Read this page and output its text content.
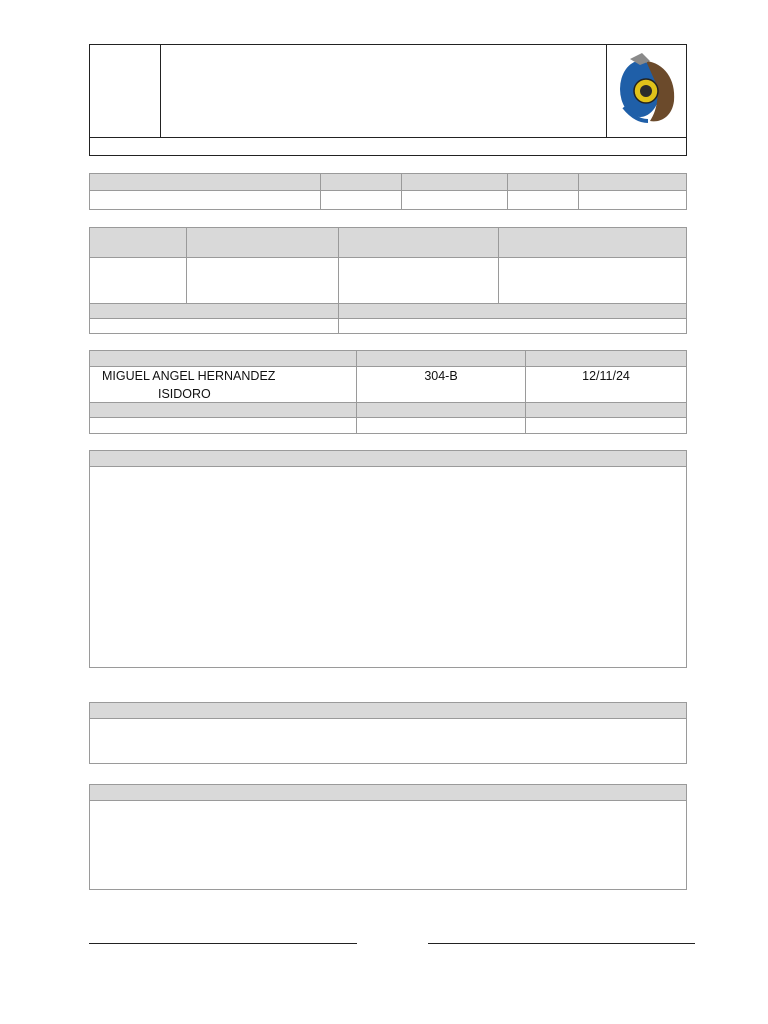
MIGUEL ANGEL HERNANDEZ
ISIDORO
304-B	12/11/24
